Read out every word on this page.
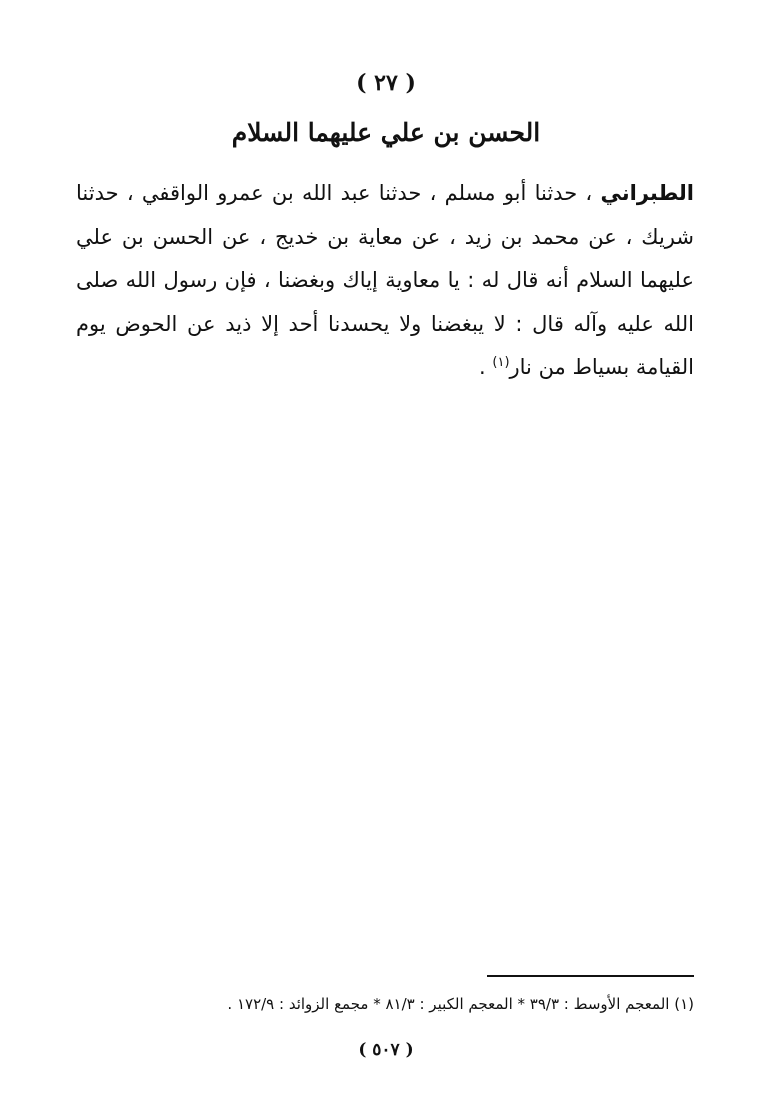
( ٢٧ )
الحسن بن علي عليهما السلام
الطبراني ، حدثنا أبو مسلم ، حدثنا عبد الله بن عمرو الواقفي ، حدثنا شريك ، عن محمد بن زيد ، عن معاية بن خديج ، عن الحسن بن علي عليهما السلام أنه قال له : يا معاوية إياك وبغضنا ، فإن رسول الله صلى الله عليه وآله قال : لا يبغضنا ولا يحسدنا أحد إلا ذيد عن الحوض يوم القيامة بسياط من نار$^{(١)}$ .
(١) المعجم الأوسط : ٣٩/٣ * المعجم الكبير : ٨١/٣ * مجمع الزوائد : ١٧٢/٩ .
( ٥٠٧ )
